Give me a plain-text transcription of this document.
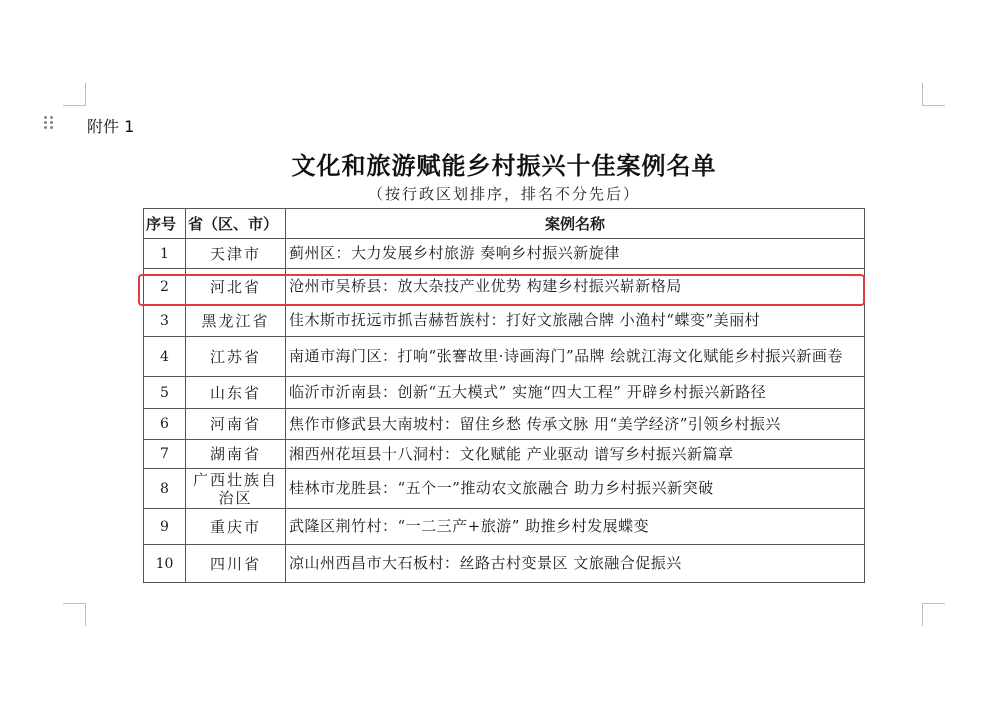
附件 1
文化和旅游赋能乡村振兴十佳案例名单
（按行政区划排序，排名不分先后）
序号	省（区、市）	案例名称
1	天津市	蓟州区：大力发展乡村旅游 奏响乡村振兴新旋律
2	河北省	沧州市吴桥县：放大杂技产业优势 构建乡村振兴崭新格局
3	黑龙江省	佳木斯市抚远市抓吉赫哲族村：打好文旅融合牌 小渔村“蝶变”美丽村
4	江苏省	南通市海门区：打响“张謇故里·诗画海门”品牌 绘就江海文化赋能乡村振兴新画卷
5	山东省	临沂市沂南县：创新“五大模式” 实施“四大工程” 开辟乡村振兴新路径
6	河南省	焦作市修武县大南坡村：留住乡愁 传承文脉 用“美学经济”引领乡村振兴
7	湖南省	湘西州花垣县十八洞村：文化赋能 产业驱动 谱写乡村振兴新篇章
8	广西壮族自治区	桂林市龙胜县：“五个一”推动农文旅融合 助力乡村振兴新突破
9	重庆市	武隆区荆竹村：“一二三产+旅游” 助推乡村发展蝶变
10	四川省	凉山州西昌市大石板村：丝路古村变景区 文旅融合促振兴
